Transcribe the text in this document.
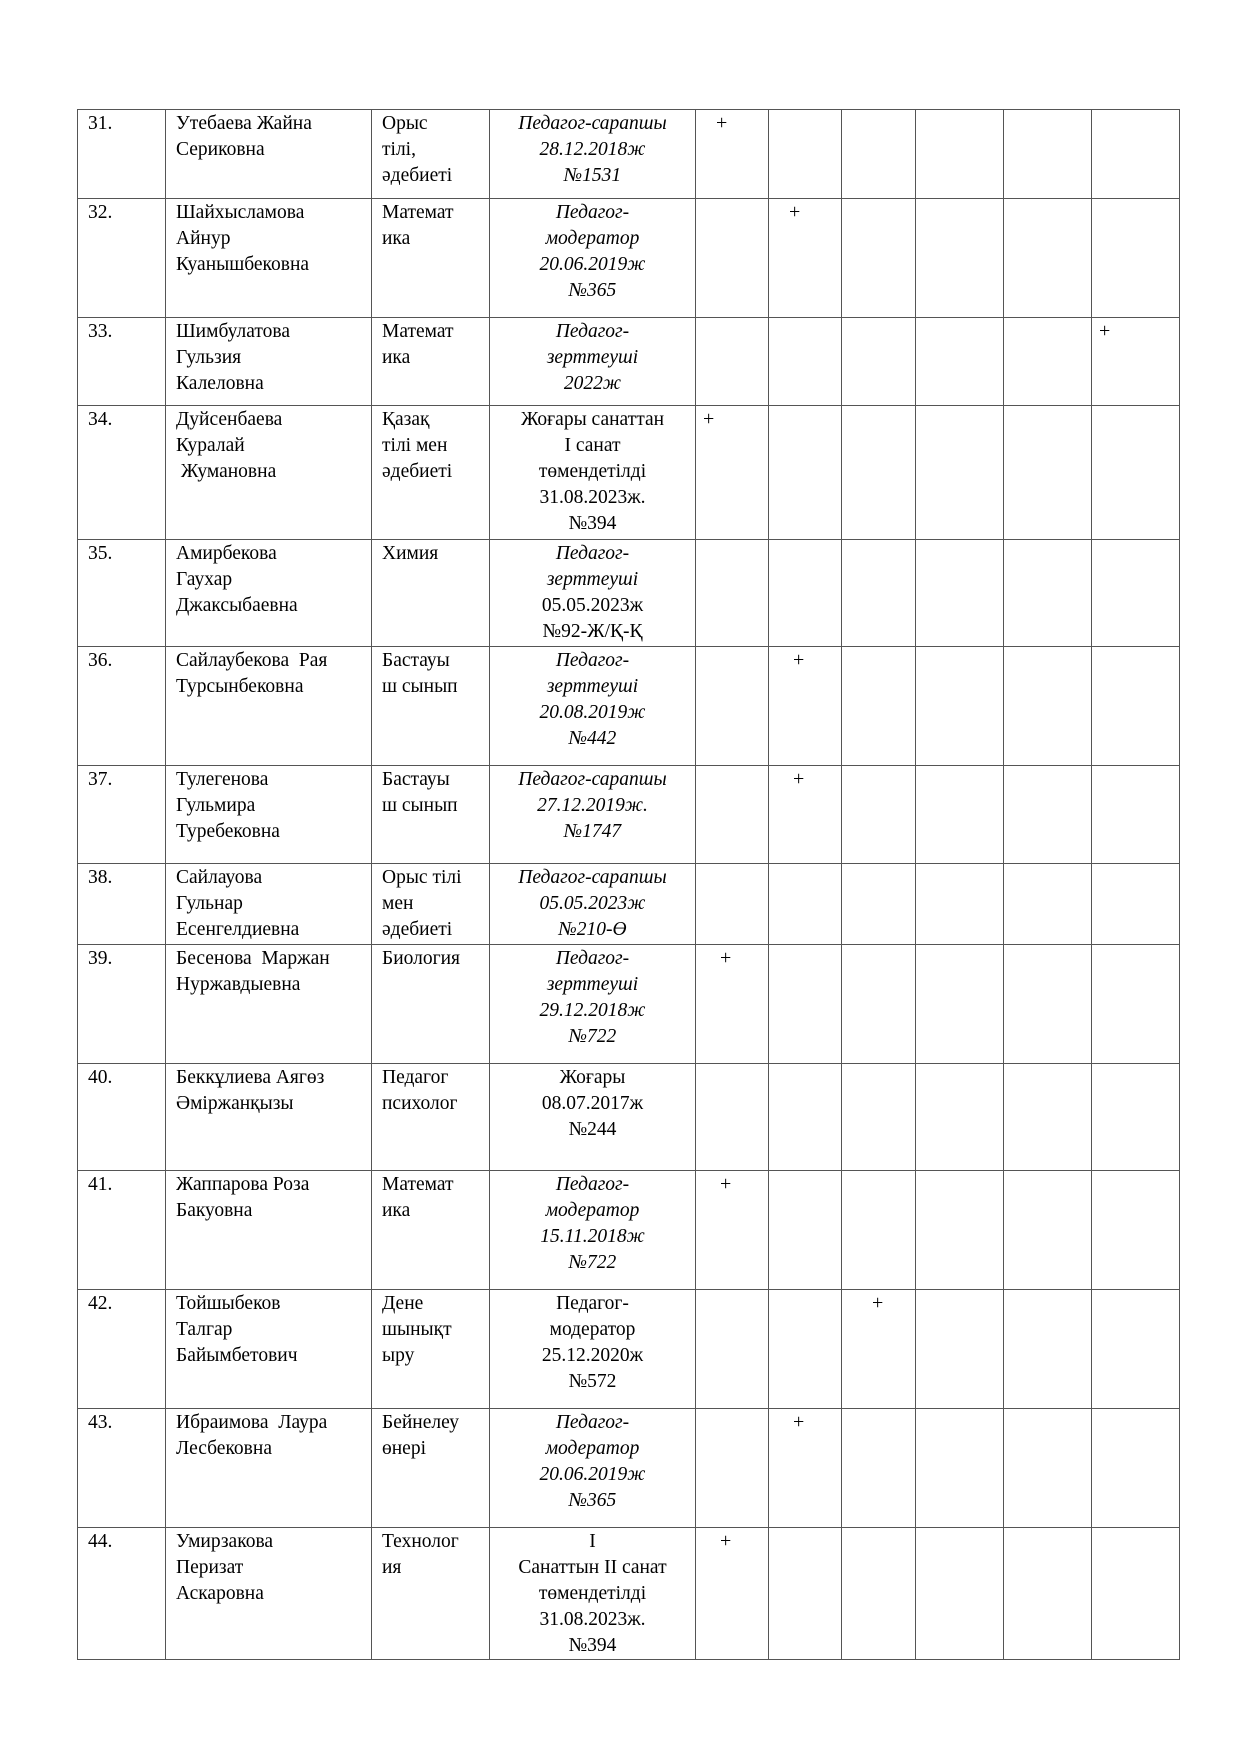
31.	Утебаева Жайна
Сериковна	Орыс
тілі,
әдебиеті	Педагог-сарапшы
28.12.2018ж
№1531	+					
32.	Шайхысламова
Айнур
Куанышбековна	Математ
ика	Педагог-
модератор
20.06.2019ж
№365		+				
33.	Шимбулатова
Гульзия
Калеловна	Математ
ика	Педагог-
зерттеуші
2022ж						+
34.	Дуйсенбаева
Куралай
Жумановна	Қазақ
тілі мен
әдебиеті	Жоғары санаттан
I санат
төмендетілді
31.08.2023ж.
№394	+					
35.	Амирбекова
Гаухар
Джаксыбаевна	Химия	Педагог-
зерттеуші
05.05.2023ж
№92-Ж/Қ-Қ						

36.	Сайлаубекова  Рая
Турсынбековна	Бастауы
ш сынып	Педагог-
зерттеуші
20.08.2019ж
№442		+				
37.	Тулегенова
Гульмира
Туребековна	Бастауы
ш сынып	Педагог-сарапшы
27.12.2019ж.
№1747		+				
38.	Сайлауова
Гульнар
Есенгелдиевна	Орыс тілі
мен
әдебиеті	Педагог-сарапшы
05.05.2023ж
№210-Ө						

39.	Бесенова  Маржан
Нуржавдыевна	Биология	Педагог-
зерттеуші
29.12.2018ж
№722	+					
40.	Беккұлиева Аягөз
Әміржанқызы	Педагог
психолог	Жоғары
08.07.2017ж
№244						

41.	Жаппарова Роза
Бакуовна	Математ
ика	Педагог-
модератор
15.11.2018ж
№722	+					
42.	Тойшыбеков
Талгар
Байымбетович	Дене
шынықт
ыру	Педагог-
модератор
25.12.2020ж
№572			+			
43.	Ибраимова  Лаура
Лесбековна	Бейнелеу
өнері	Педагог-
модератор
20.06.2019ж
№365		+				
44.	Умирзакова
Перизат
Аскаровна	Технолог
ия	I
Санаттын II санат
төмендетілді
31.08.2023ж.
№394	+					
